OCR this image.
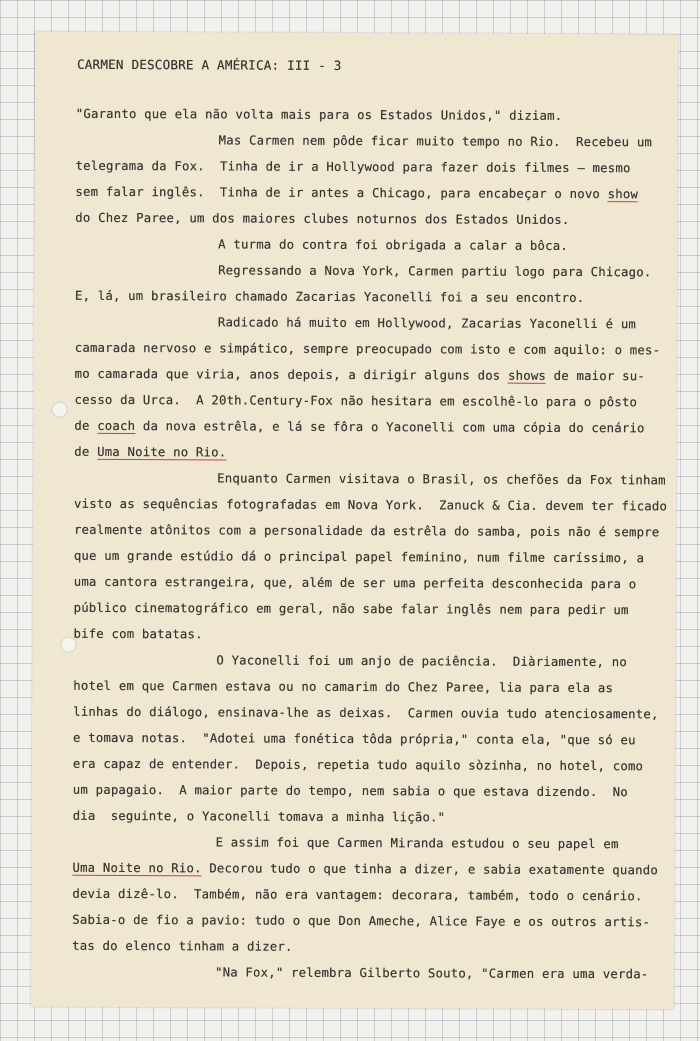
CARMEN DESCOBRE A AMÉRICA: III - 3
"Garanto que ela não volta mais para os Estados Unidos," diziam.
Mas Carmen nem pôde ficar muito tempo no Rio.  Recebeu um
telegrama da Fox.  Tinha de ir a Hollywood para fazer dois filmes — mesmo
sem falar inglês.  Tinha de ir antes a Chicago, para encabeçar o novo show
do Chez Paree, um dos maiores clubes noturnos dos Estados Unidos.
A turma do contra foi obrigada a calar a bôca.
Regressando a Nova York, Carmen partiu logo para Chicago.
E, lá, um brasileiro chamado Zacarias Yaconelli foi a seu encontro.
Radicado há muito em Hollywood, Zacarias Yaconelli é um
camarada nervoso e simpático, sempre preocupado com isto e com aquilo: o mes-
mo camarada que viria, anos depois, a dirigir alguns dos shows de maior su-
cesso da Urca.  A 20th.Century-Fox não hesitara em escolhê-lo para o pôsto
de coach da nova estrêla, e lá se fôra o Yaconelli com uma cópia do cenário
de Uma Noite no Rio.
Enquanto Carmen visitava o Brasil, os chefões da Fox tinham
visto as sequências fotografadas em Nova York.  Zanuck & Cia. devem ter ficado
realmente atônitos com a personalidade da estrêla do samba, pois não é sempre
que um grande estúdio dá o principal papel feminino, num filme caríssimo, a
uma cantora estrangeira, que, além de ser uma perfeita desconhecida para o
público cinematográfico em geral, não sabe falar inglês nem para pedir um
bife com batatas.
O Yaconelli foi um anjo de paciência.  Diàriamente, no
hotel em que Carmen estava ou no camarim do Chez Paree, lia para ela as
linhas do diálogo, ensinava-lhe as deixas.  Carmen ouvia tudo atenciosamente,
e tomava notas.  "Adotei uma fonética tôda própria," conta ela, "que só eu
era capaz de entender.  Depois, repetia tudo aquilo sòzinha, no hotel, como
um papagaio.  A maior parte do tempo, nem sabia o que estava dizendo.  No
dia  seguinte, o Yaconelli tomava a minha lição."
E assim foi que Carmen Miranda estudou o seu papel em
Uma Noite no Rio. Decorou tudo o que tinha a dizer, e sabia exatamente quando
devia dizê-lo.  Também, não era vantagem: decorara, também, todo o cenário.
Sabia-o de fio a pavio: tudo o que Don Ameche, Alice Faye e os outros artis-
tas do elenco tinham a dizer.
"Na Fox," relembra Gilberto Souto, "Carmen era uma verda-
